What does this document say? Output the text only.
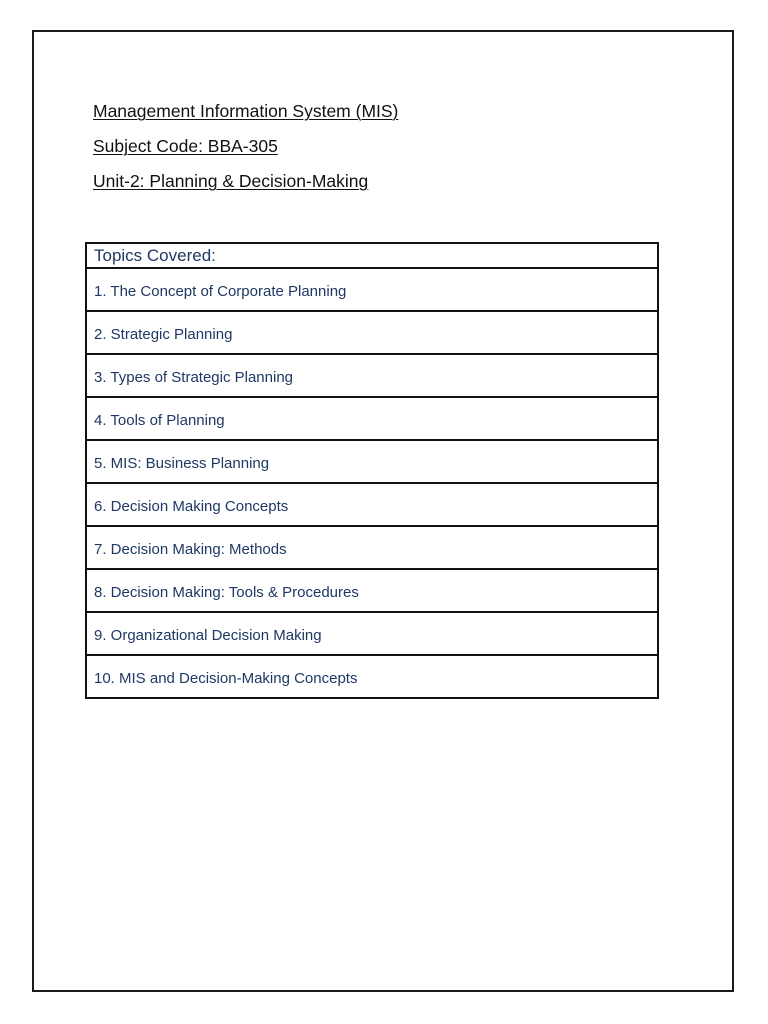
Management Information System (MIS)
Subject Code: BBA-305
Unit-2: Planning & Decision-Making
Topics Covered:
1. The Concept of Corporate Planning
2. Strategic Planning
3. Types of Strategic Planning
4. Tools of Planning
5. MIS: Business Planning
6. Decision Making Concepts
7. Decision Making: Methods
8. Decision Making: Tools & Procedures
9. Organizational Decision Making
10. MIS and Decision-Making Concepts
